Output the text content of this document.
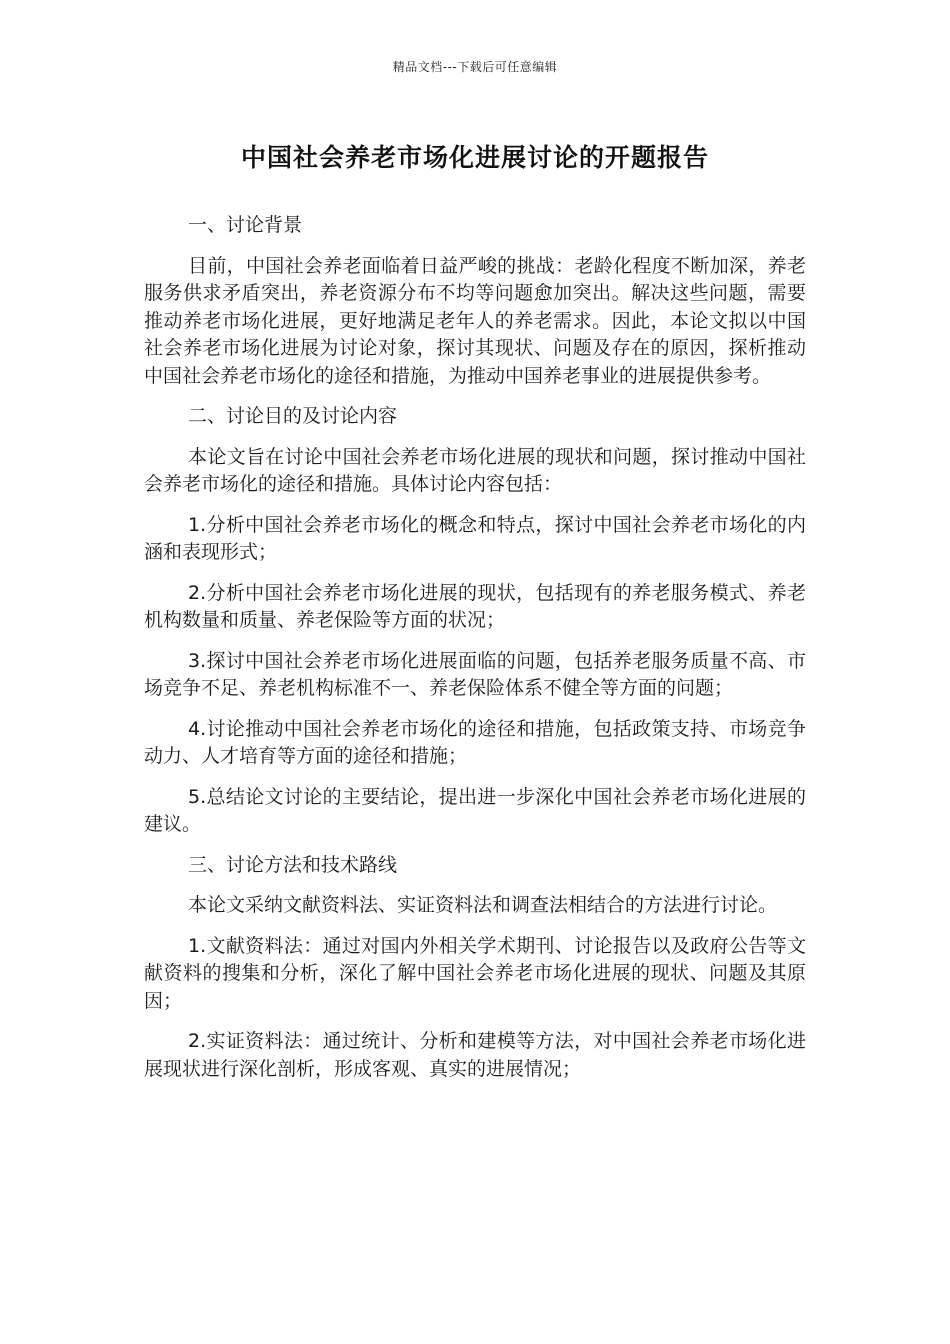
精品文档---下载后可任意编辑
中国社会养老市场化进展讨论的开题报告

一、讨论背景

目前，中国社会养老面临着日益严峻的挑战：老龄化程度不断加深，养老服务供求矛盾突出，养老资源分布不均等问题愈加突出。解决这些问题，需要推动养老市场化进展，更好地满足老年人的养老需求。因此，本论文拟以中国社会养老市场化进展为讨论对象，探讨其现状、问题及存在的原因，探析推动中国社会养老市场化的途径和措施，为推动中国养老事业的进展提供参考。

二、讨论目的及讨论内容

本论文旨在讨论中国社会养老市场化进展的现状和问题，探讨推动中国社会养老市场化的途径和措施。具体讨论内容包括：

1.分析中国社会养老市场化的概念和特点，探讨中国社会养老市场化的内涵和表现形式；

2.分析中国社会养老市场化进展的现状，包括现有的养老服务模式、养老机构数量和质量、养老保险等方面的状况；

3.探讨中国社会养老市场化进展面临的问题，包括养老服务质量不高、市场竞争不足、养老机构标准不一、养老保险体系不健全等方面的问题；

4.讨论推动中国社会养老市场化的途径和措施，包括政策支持、市场竞争动力、人才培育等方面的途径和措施；

5.总结论文讨论的主要结论，提出进一步深化中国社会养老市场化进展的建议。

三、讨论方法和技术路线

本论文采纳文献资料法、实证资料法和调查法相结合的方法进行讨论。

1.文献资料法：通过对国内外相关学术期刊、讨论报告以及政府公告等文献资料的搜集和分析，深化了解中国社会养老市场化进展的现状、问题及其原因；

2.实证资料法：通过统计、分析和建模等方法，对中国社会养老市场化进展现状进行深化剖析，形成客观、真实的进展情况；
